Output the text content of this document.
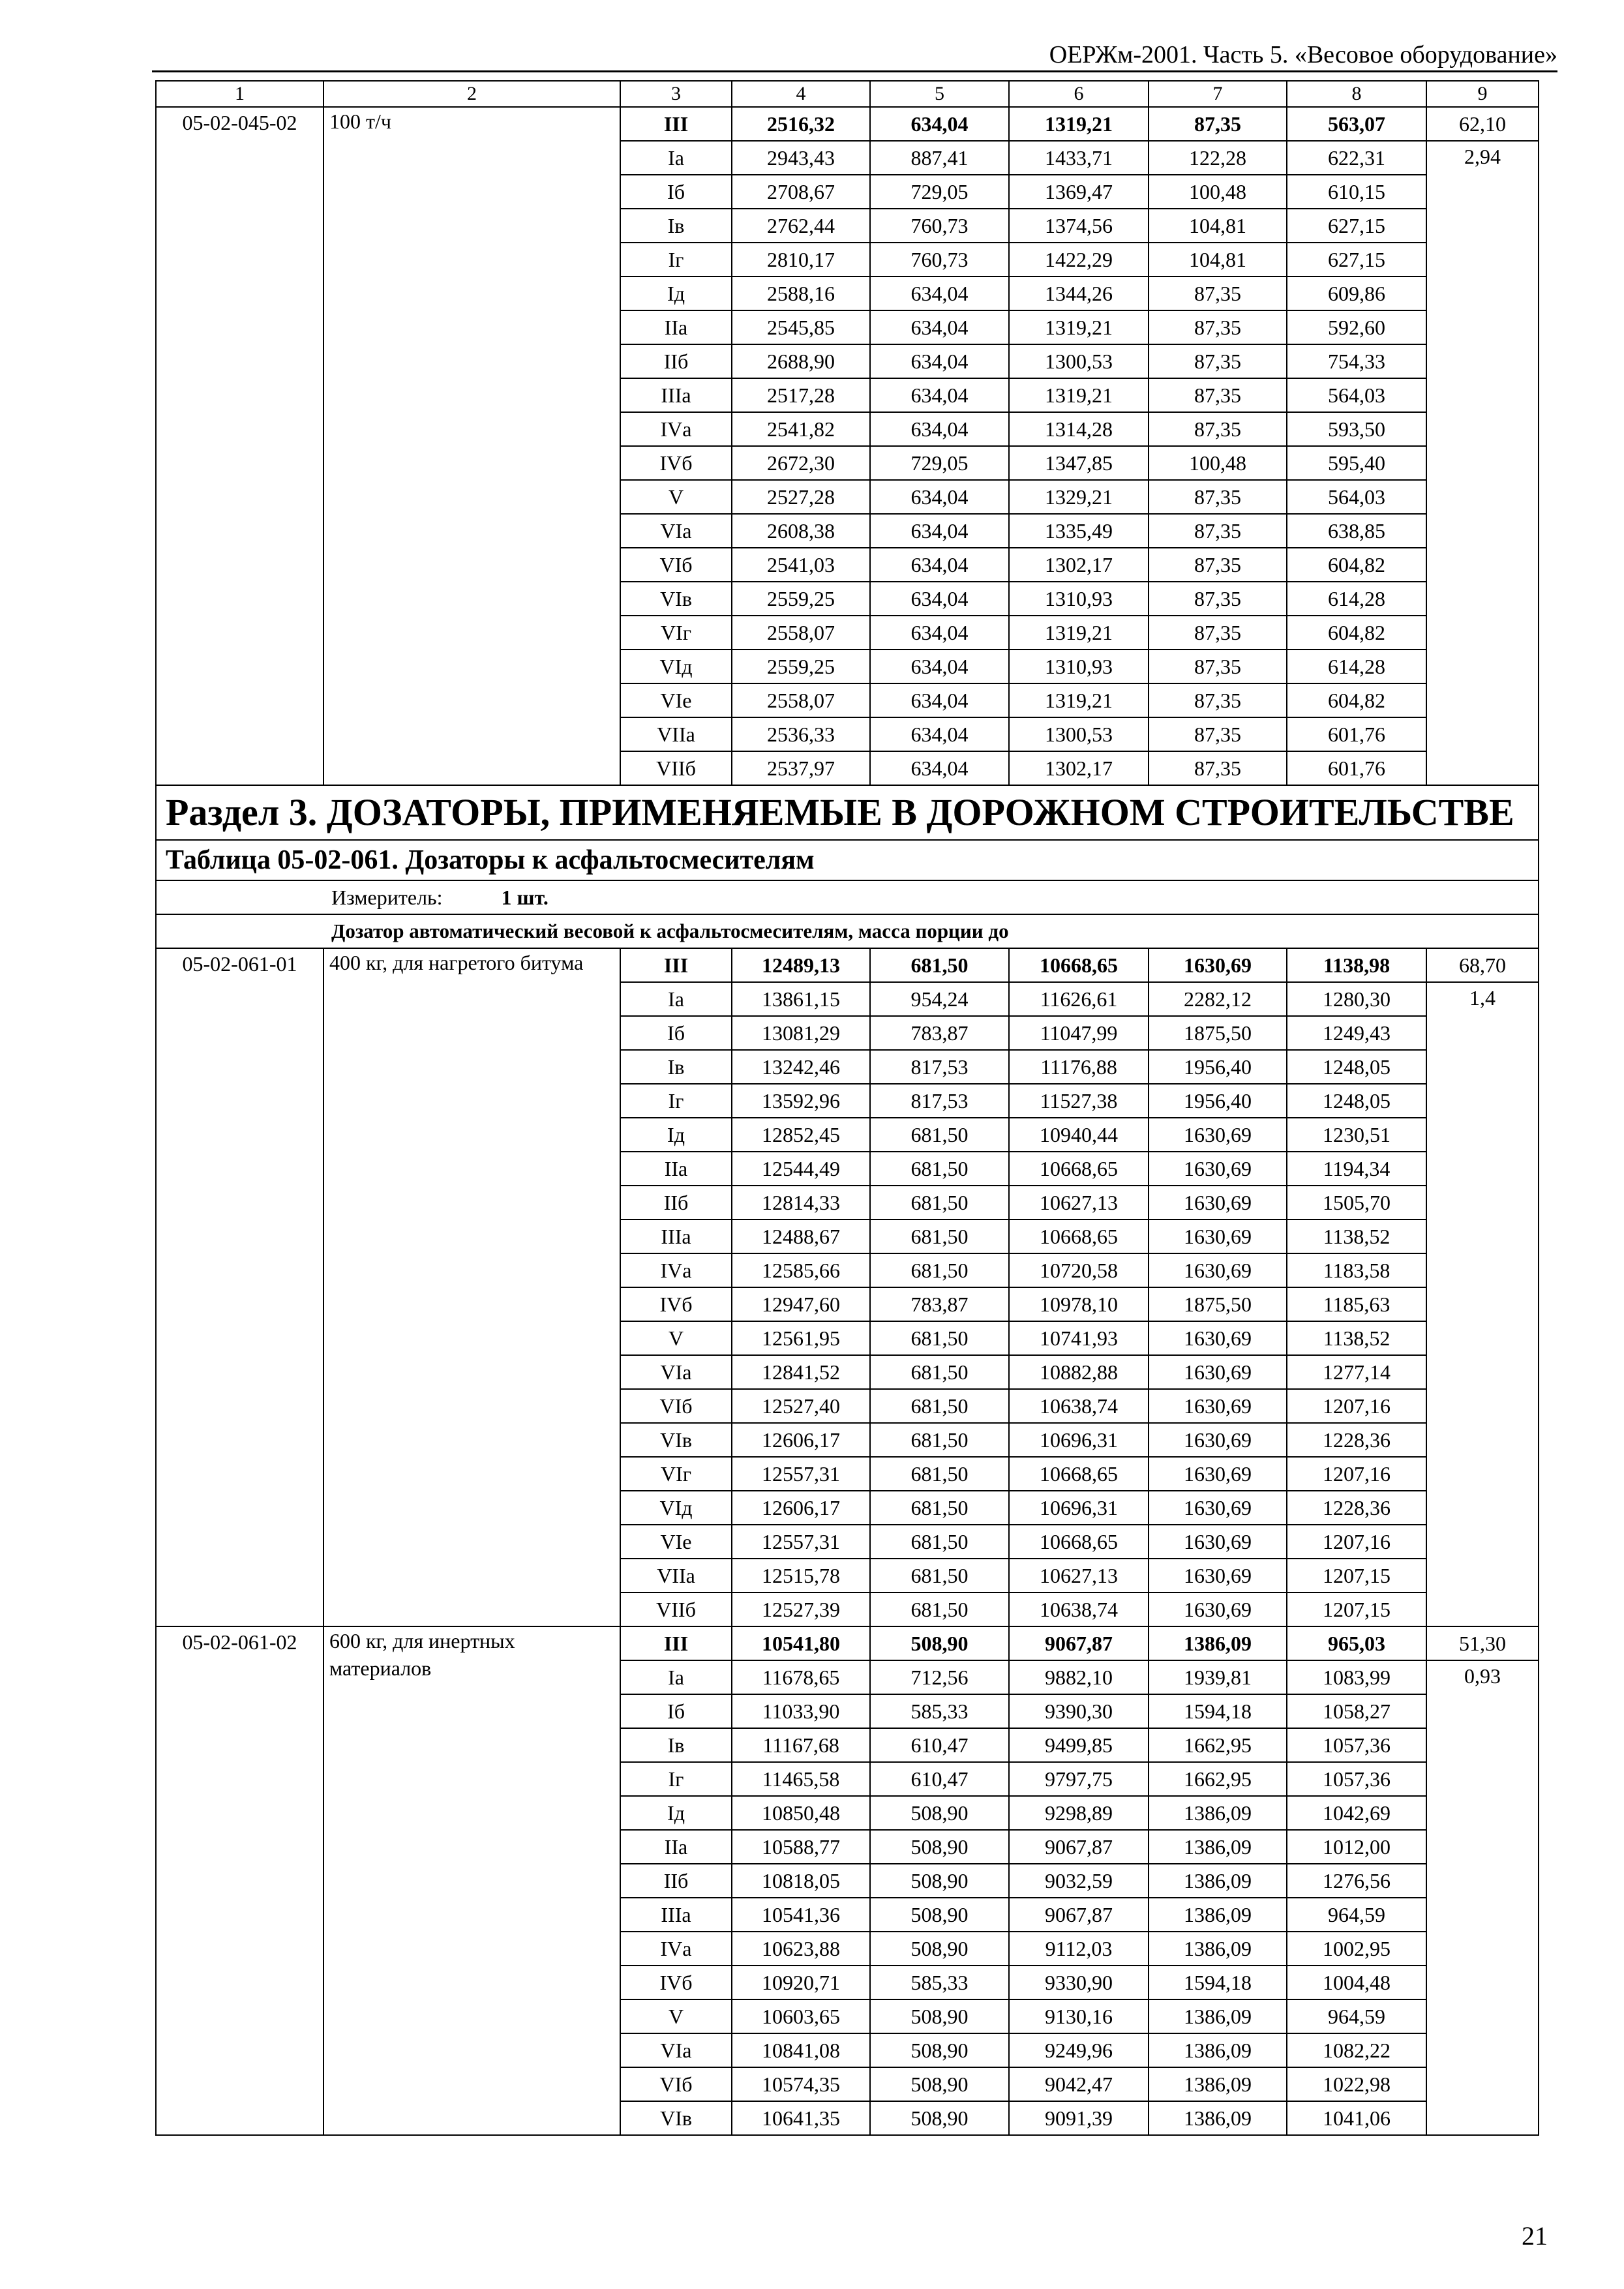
ОЕРЖм-2001. Часть 5. «Весовое оборудование»
1	2	3	4	5	6	7	8	9
05-02-045-02	100 т/ч	III	2516,32	634,04	1319,21	87,35	563,07	62,10
		Iа	2943,43	887,41	1433,71	122,28	622,31	2,94
		Iб	2708,67	729,05	1369,47	100,48	610,15	
		Iв	2762,44	760,73	1374,56	104,81	627,15	
		Iг	2810,17	760,73	1422,29	104,81	627,15	
		Iд	2588,16	634,04	1344,26	87,35	609,86	
		IIа	2545,85	634,04	1319,21	87,35	592,60	
		IIб	2688,90	634,04	1300,53	87,35	754,33	
		IIIа	2517,28	634,04	1319,21	87,35	564,03	
		IVа	2541,82	634,04	1314,28	87,35	593,50	
		IVб	2672,30	729,05	1347,85	100,48	595,40	
		V	2527,28	634,04	1329,21	87,35	564,03	
		VIа	2608,38	634,04	1335,49	87,35	638,85	
		VIб	2541,03	634,04	1302,17	87,35	604,82	
		VIв	2559,25	634,04	1310,93	87,35	614,28	
		VIг	2558,07	634,04	1319,21	87,35	604,82	
		VIд	2559,25	634,04	1310,93	87,35	614,28	
		VIе	2558,07	634,04	1319,21	87,35	604,82	
		VIIа	2536,33	634,04	1300,53	87,35	601,76	
		VIIб	2537,97	634,04	1302,17	87,35	601,76	
Раздел 3. ДОЗАТОРЫ, ПРИМЕНЯЕМЫЕ В ДОРОЖНОМ СТРОИТЕЛЬСТВЕ								
Таблица 05-02-061. Дозаторы к асфальтосмесителям								
Измеритель: 1 шт.								
Дозатор автоматический весовой к асфальтосмесителям, масса порции до								
05-02-061-01	400 кг, для нагретого битума	III	12489,13	681,50	10668,65	1630,69	1138,98	68,70
		Iа	13861,15	954,24	11626,61	2282,12	1280,30	1,4
		Iб	13081,29	783,87	11047,99	1875,50	1249,43	
		Iв	13242,46	817,53	11176,88	1956,40	1248,05	
		Iг	13592,96	817,53	11527,38	1956,40	1248,05	
		Iд	12852,45	681,50	10940,44	1630,69	1230,51	
		IIа	12544,49	681,50	10668,65	1630,69	1194,34	
		IIб	12814,33	681,50	10627,13	1630,69	1505,70	
		IIIа	12488,67	681,50	10668,65	1630,69	1138,52	
		IVа	12585,66	681,50	10720,58	1630,69	1183,58	
		IVб	12947,60	783,87	10978,10	1875,50	1185,63	
		V	12561,95	681,50	10741,93	1630,69	1138,52	
		VIа	12841,52	681,50	10882,88	1630,69	1277,14	
		VIб	12527,40	681,50	10638,74	1630,69	1207,16	
		VIв	12606,17	681,50	10696,31	1630,69	1228,36	
		VIг	12557,31	681,50	10668,65	1630,69	1207,16	
		VIд	12606,17	681,50	10696,31	1630,69	1228,36	
		VIе	12557,31	681,50	10668,65	1630,69	1207,16	
		VIIа	12515,78	681,50	10627,13	1630,69	1207,15	
		VIIб	12527,39	681,50	10638,74	1630,69	1207,15	
05-02-061-02	600 кг, для инертных материалов	III	10541,80	508,90	9067,87	1386,09	965,03	51,30
		Iа	11678,65	712,56	9882,10	1939,81	1083,99	0,93
		Iб	11033,90	585,33	9390,30	1594,18	1058,27	
		Iв	11167,68	610,47	9499,85	1662,95	1057,36	
		Iг	11465,58	610,47	9797,75	1662,95	1057,36	
		Iд	10850,48	508,90	9298,89	1386,09	1042,69	
		IIа	10588,77	508,90	9067,87	1386,09	1012,00	
		IIб	10818,05	508,90	9032,59	1386,09	1276,56	
		IIIа	10541,36	508,90	9067,87	1386,09	964,59	
		IVа	10623,88	508,90	9112,03	1386,09	1002,95	
		IVб	10920,71	585,33	9330,90	1594,18	1004,48	
		V	10603,65	508,90	9130,16	1386,09	964,59	
		VIа	10841,08	508,90	9249,96	1386,09	1082,22	
		VIб	10574,35	508,90	9042,47	1386,09	1022,98	
		VIв	10641,35	508,90	9091,39	1386,09	1041,06	
21
